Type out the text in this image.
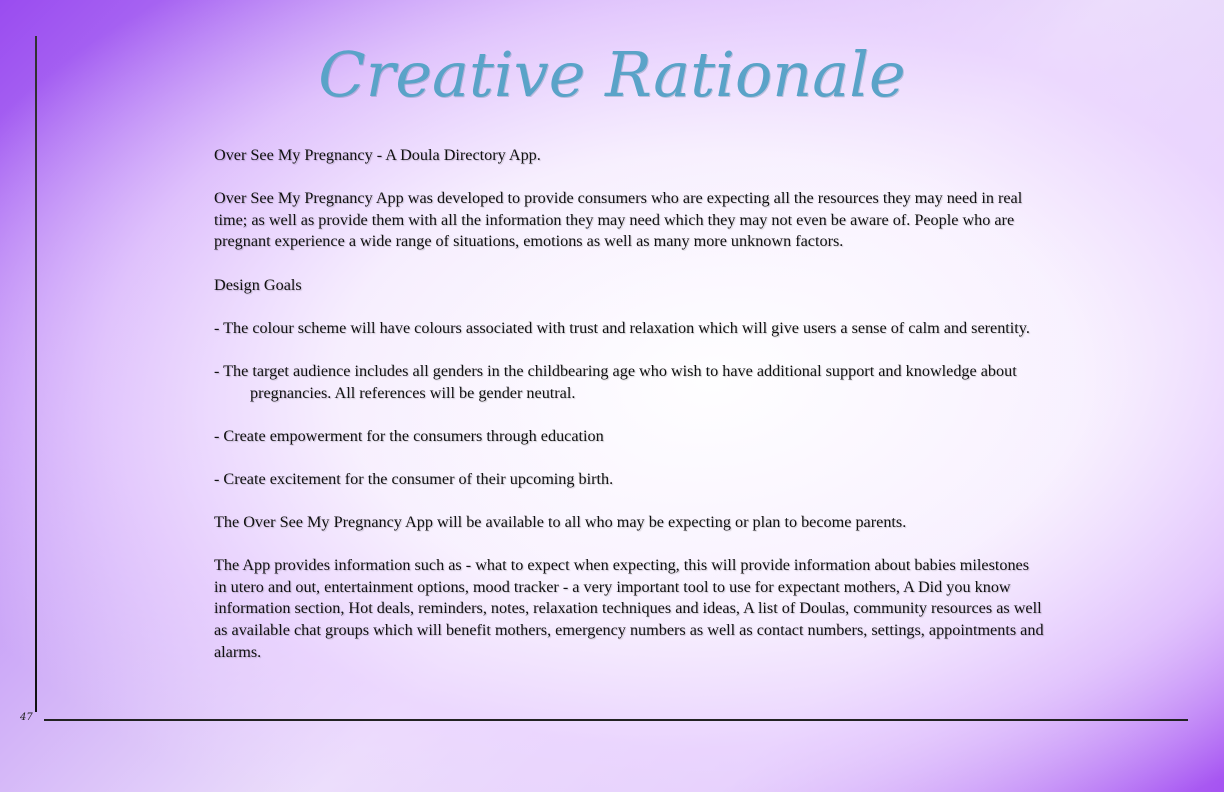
Creative Rationale
47

Over See My Pregnancy - A Doula Directory App.

Over See My Pregnancy App was developed to provide consumers who are expecting all the resources they may need in real time; as well as provide them with all the information they may need which they may not even be aware of. People who are pregnant experience a wide range of situations, emotions as well as many more unknown factors.

Design Goals

- The colour scheme will have colours associated with trust and relaxation which will give users a sense of calm and serentity.

- The target audience includes all genders in the childbearing age who wish to have additional support and knowledge about pregnancies. All references will be gender neutral.

- Create empowerment for the consumers through education

- Create excitement for the consumer of their upcoming birth.

The Over See My Pregnancy App will be available to all who may be expecting or plan to become parents.

The App provides information such as - what to expect when expecting, this will provide information about babies milestones in utero and out, entertainment options, mood tracker - a very important tool to use for expectant mothers, A Did you know information section, Hot deals, reminders, notes, relaxation techniques and ideas, A list of Doulas, community resources as well as available chat groups which will benefit mothers, emergency numbers as well as contact numbers, settings, appointments and alarms.
